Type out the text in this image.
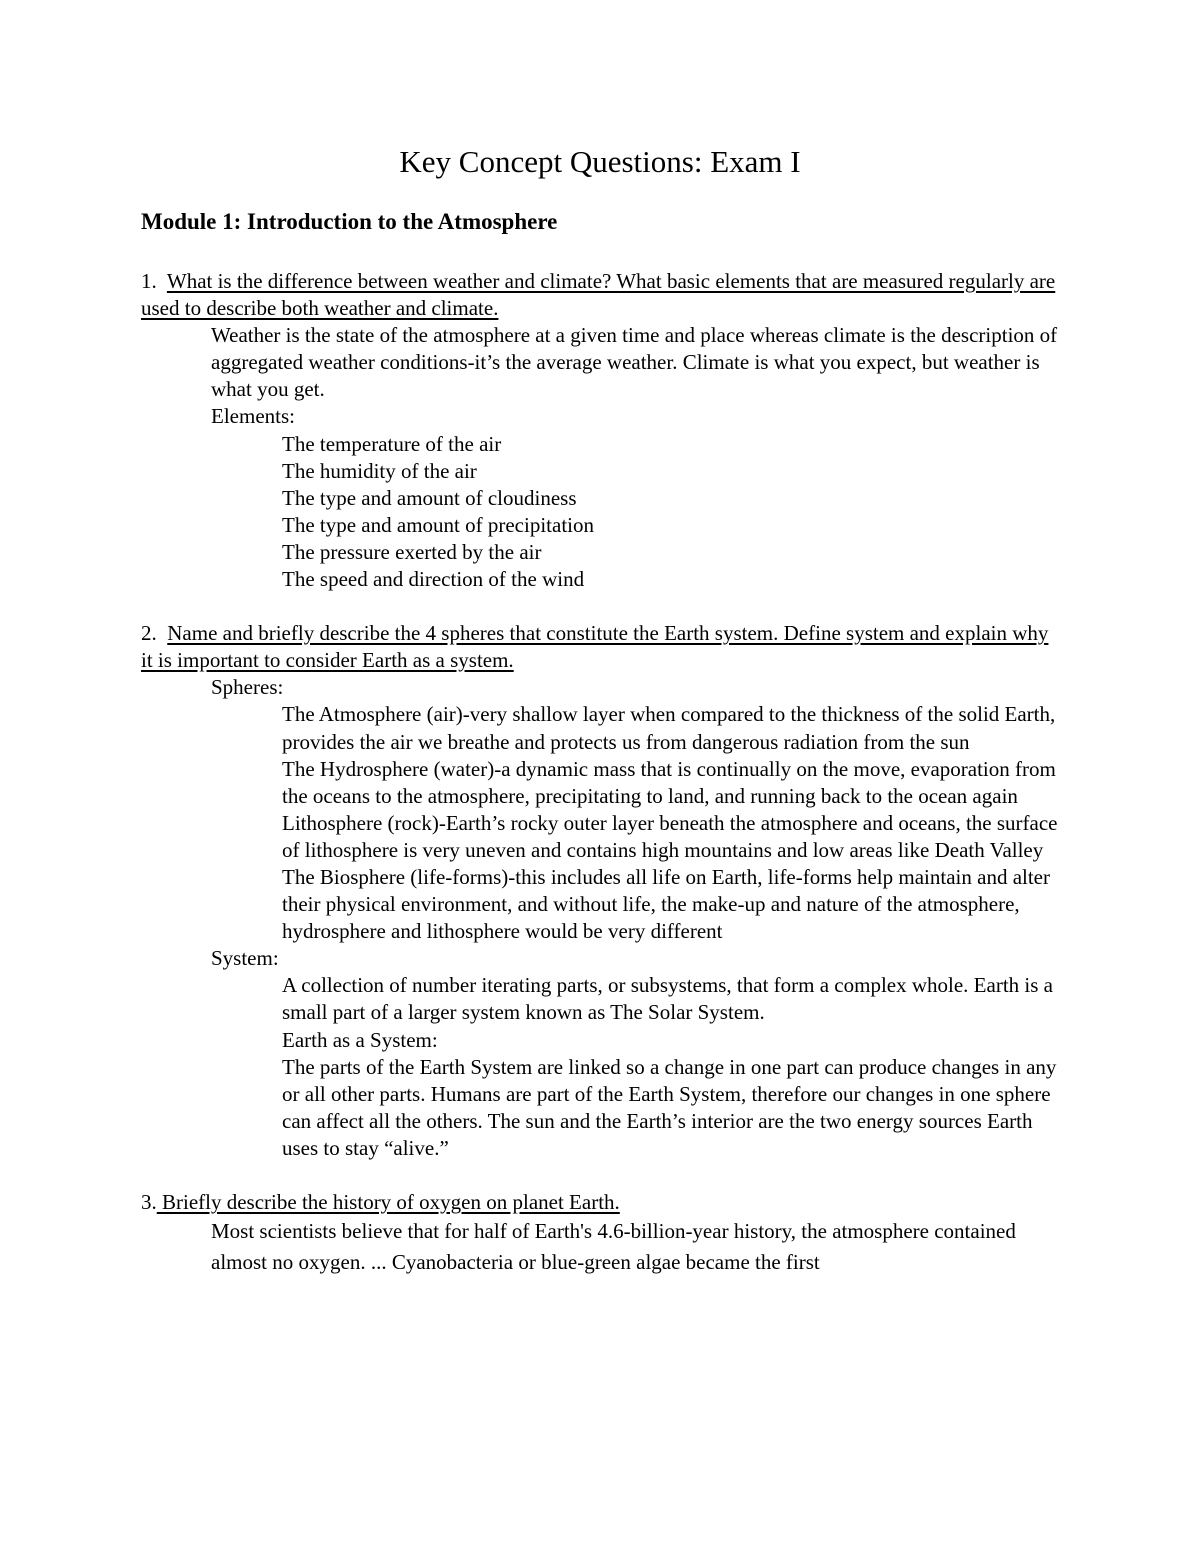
Key Concept Questions: Exam I
Module 1: Introduction to the Atmosphere

1. What is the difference between weather and climate? What basic elements that are measured regularly are used to describe both weather and climate.

Weather is the state of the atmosphere at a given time and place whereas climate is the description of aggregated weather conditions-it’s the average weather. Climate is what you expect, but weather is what you get.

Elements:

The temperature of the air

The humidity of the air

The type and amount of cloudiness

The type and amount of precipitation

The pressure exerted by the air

The speed and direction of the wind

2. Name and briefly describe the 4 spheres that constitute the Earth system. Define system and explain why it is important to consider Earth as a system.

Spheres:

The Atmosphere (air)-very shallow layer when compared to the thickness of the solid Earth, provides the air we breathe and protects us from dangerous radiation from the sun

The Hydrosphere (water)-a dynamic mass that is continually on the move, evaporation from the oceans to the atmosphere, precipitating to land, and running back to the ocean again

Lithosphere (rock)-Earth’s rocky outer layer beneath the atmosphere and oceans, the surface of lithosphere is very uneven and contains high mountains and low areas like Death Valley

The Biosphere (life-forms)-this includes all life on Earth, life-forms help maintain and alter their physical environment, and without life, the make-up and nature of the atmosphere, hydrosphere and lithosphere would be very different

System:

A collection of number iterating parts, or subsystems, that form a complex whole. Earth is a small part of a larger system known as The Solar System.

Earth as a System:

The parts of the Earth System are linked so a change in one part can produce changes in any or all other parts. Humans are part of the Earth System, therefore our changes in one sphere can affect all the others. The sun and the Earth’s interior are the two energy sources Earth uses to stay “alive.”

3. Briefly describe the history of oxygen on planet Earth.

Most scientists believe that for half of Earth's 4.6-billion-year history, the atmosphere contained almost no oxygen. ... Cyanobacteria or blue-green algae became the first
